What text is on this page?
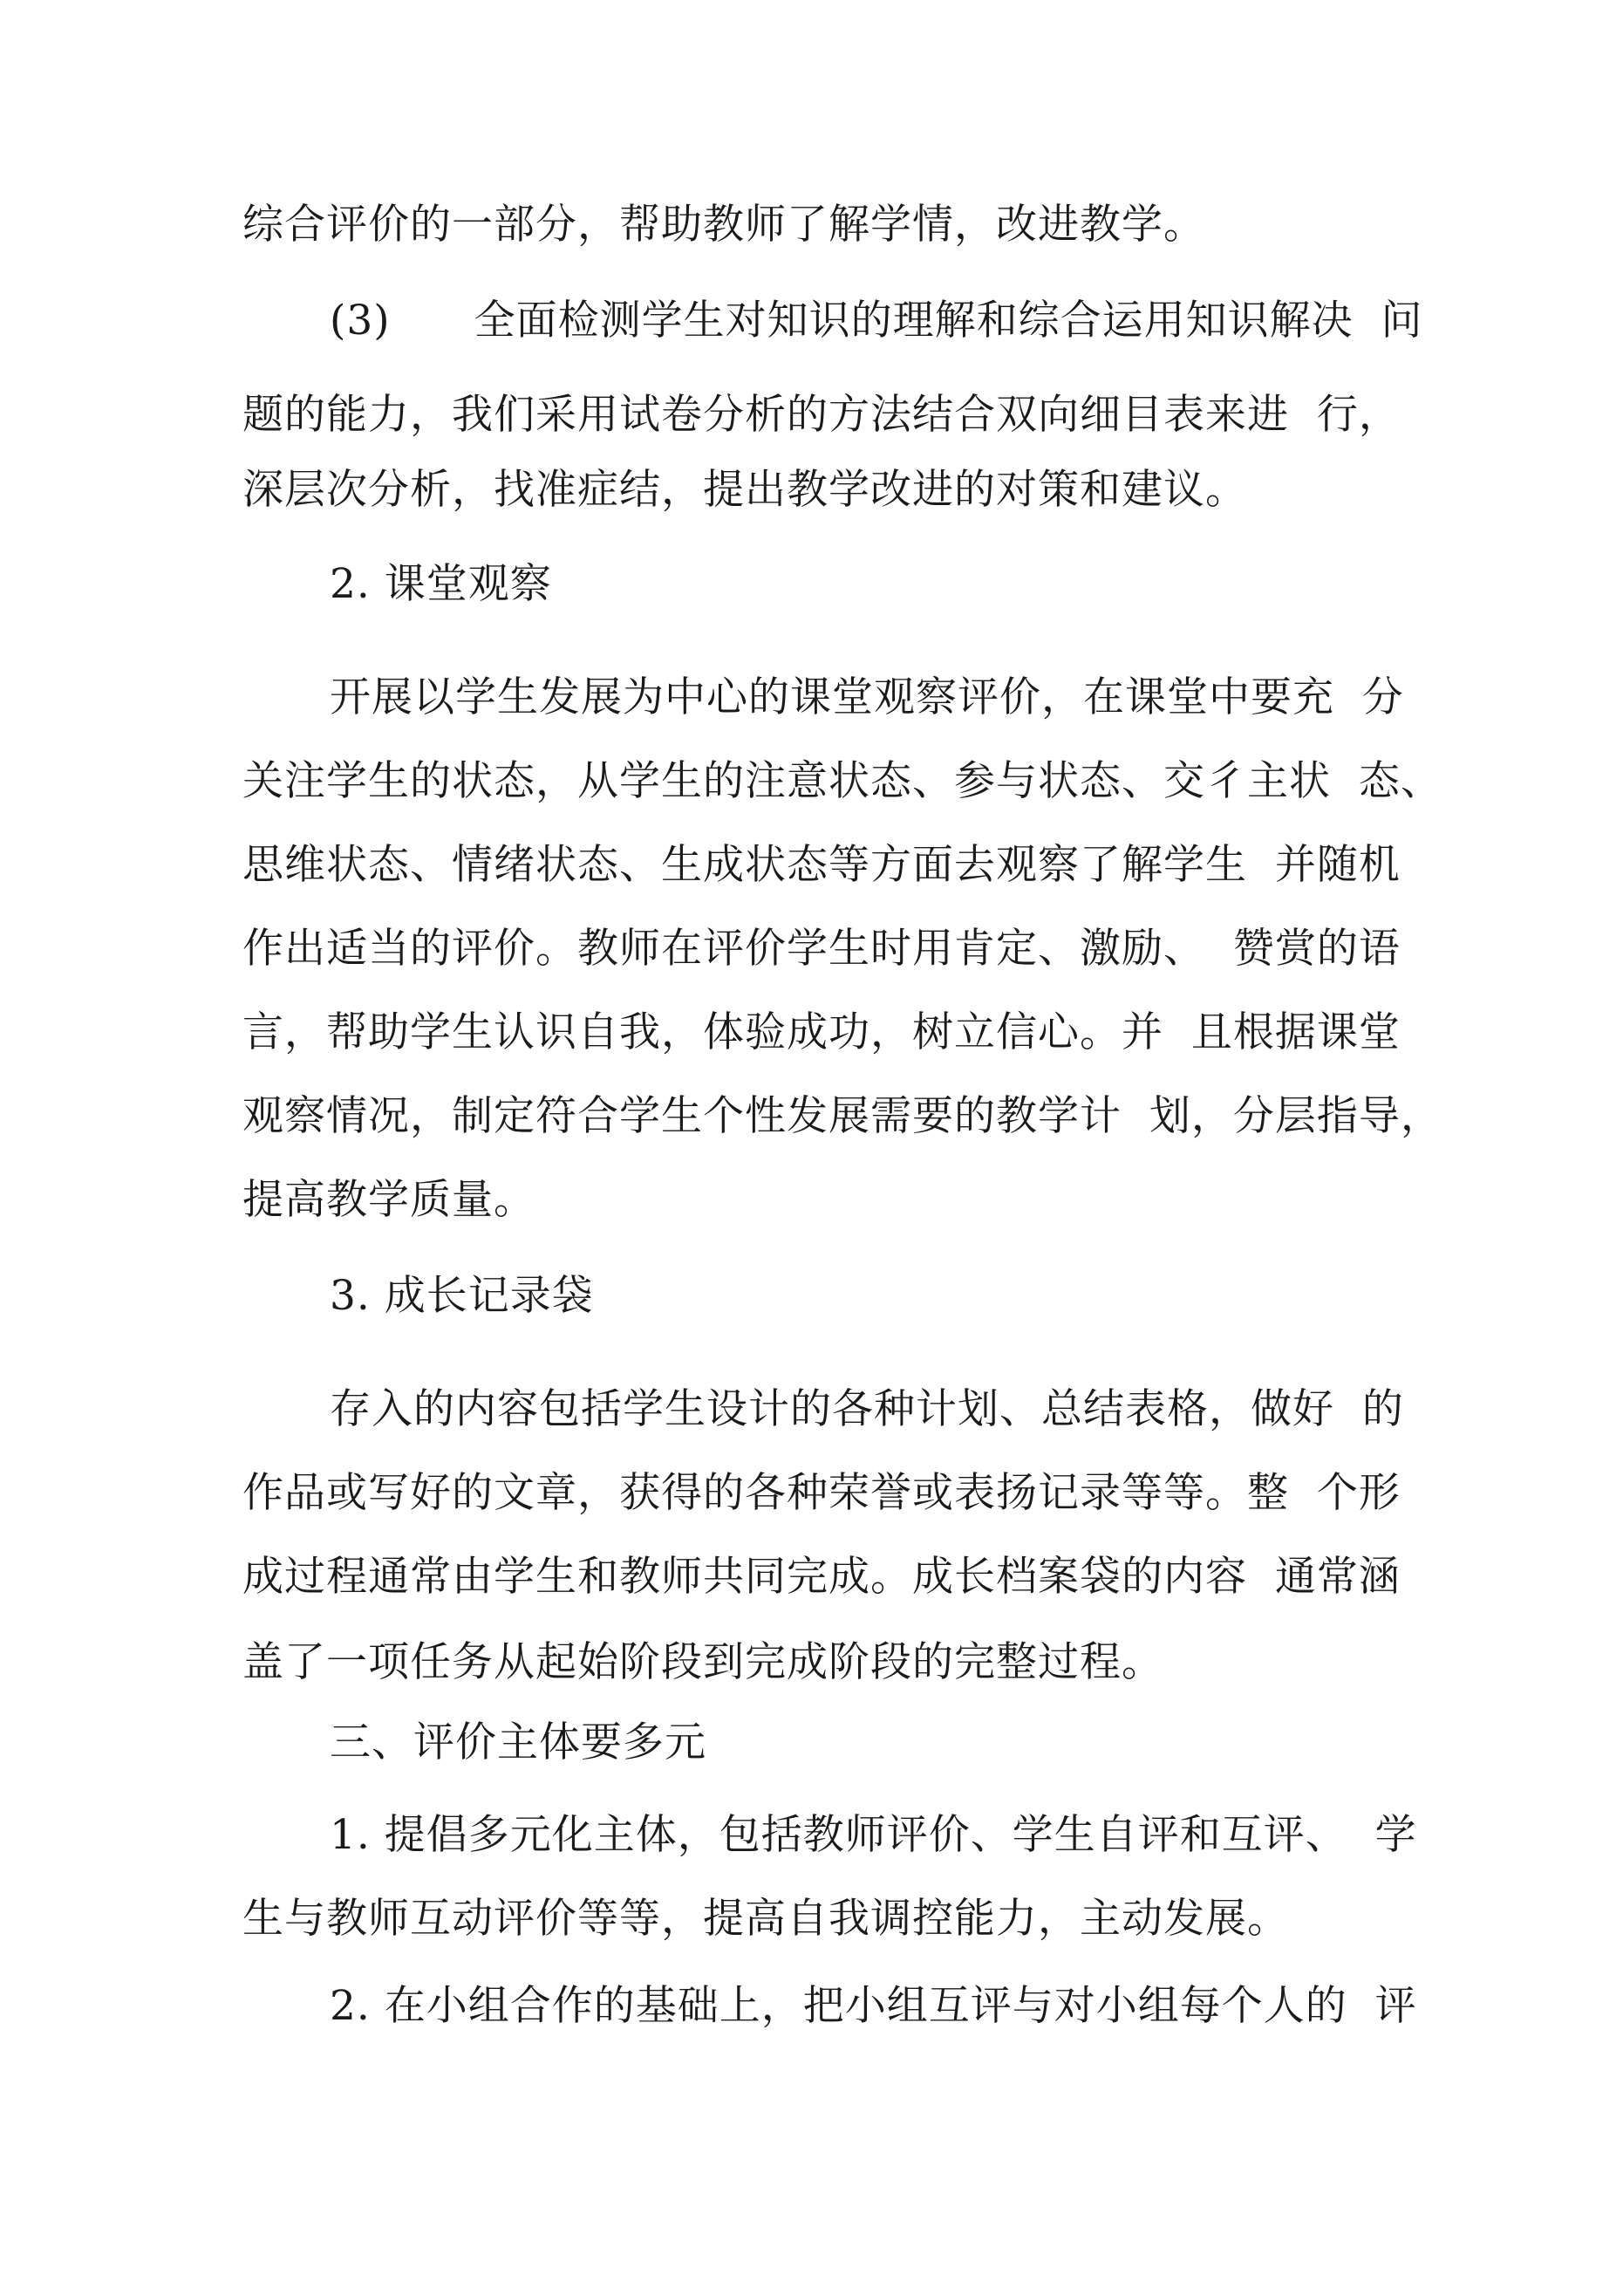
综合评价的一部分，帮助教师了解学情，改进教学。
(3)　　全面检测学生对知识的理解和综合运用知识解决  问
题的能力，我们采用试卷分析的方法结合双向细目表来进  行，
深层次分析，找准症结，提出教学改进的对策和建议。
2. 课堂观察
开展以学生发展为中心的课堂观察评价，在课堂中要充  分
关注学生的状态，从学生的注意状态、参与状态、交彳主状  态、
思维状态、情绪状态、生成状态等方面去观察了解学生  并随机
作出适当的评价。教师在评价学生时用肯定、激励、  赞赏的语
言，帮助学生认识自我，体验成功，树立信心。并  且根据课堂
观察情况，制定符合学生个性发展需要的教学计  划，分层指导，
提高教学质量。
3. 成长记录袋
存入的内容包括学生设计的各种计划、总结表格，做好  的
作品或写好的文章，获得的各种荣誉或表扬记录等等。整  个形
成过程通常由学生和教师共同完成。成长档案袋的内容  通常涵
盖了一项任务从起始阶段到完成阶段的完整过程。
三、评价主体要多元
1. 提倡多元化主体，包括教师评价、学生自评和互评、  学
生与教师互动评价等等，提高自我调控能力，主动发展。
2. 在小组合作的基础上，把小组互评与对小组每个人的  评
